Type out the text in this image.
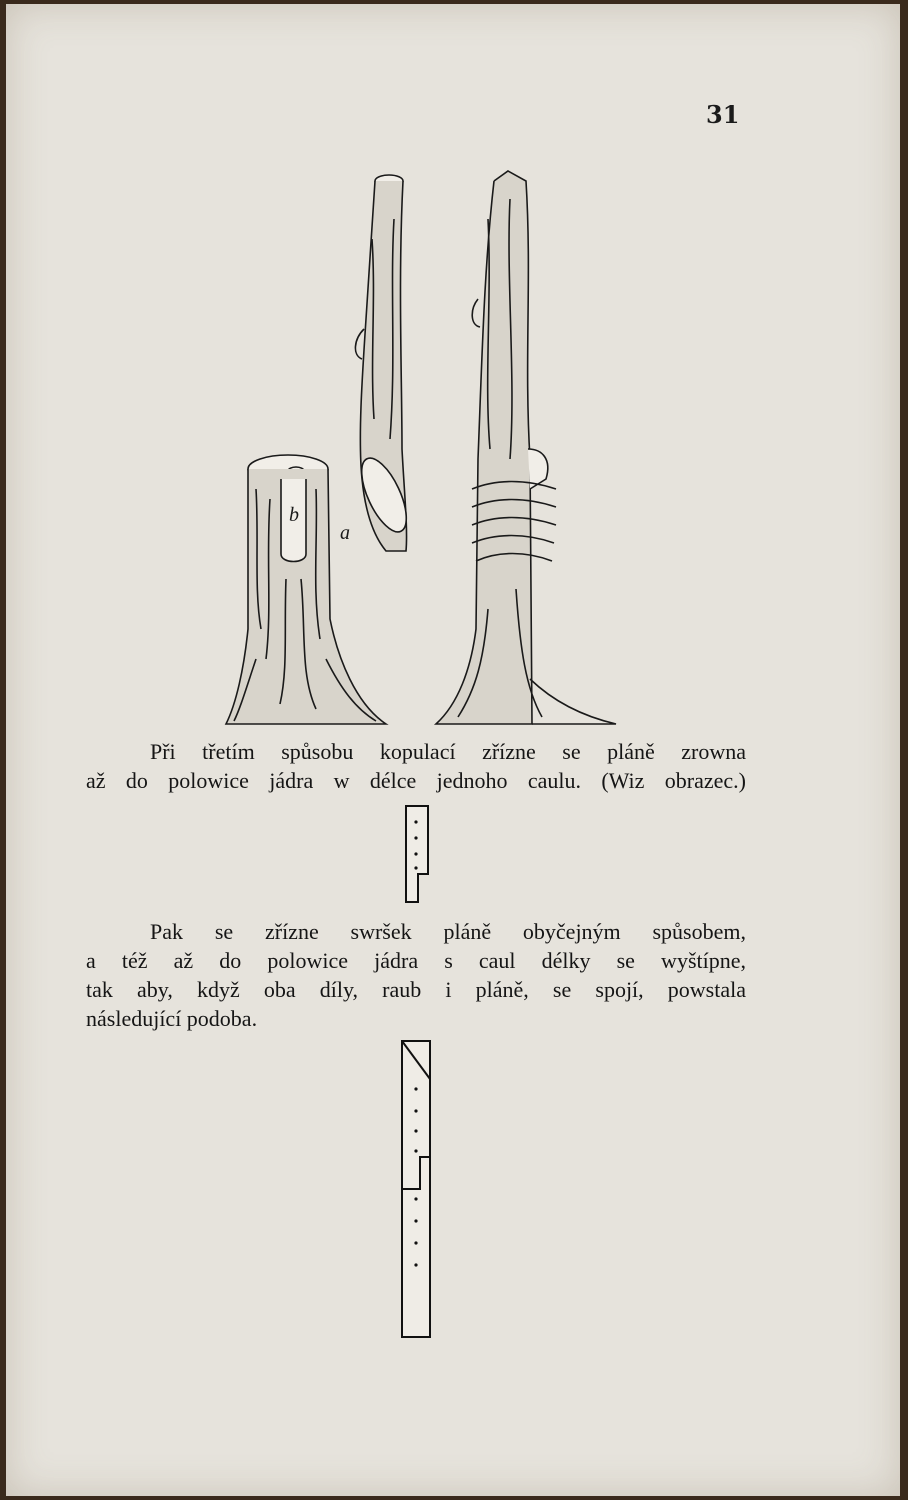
31
b
a
Při třetím spůsobu kopulací zřízne se pláně zrowna
až do polowice jádra w délce jednoho caulu. (Wiz obrazec.)
Pak se zřízne swršek pláně obyčejným spůsobem,
a též až do polowice jádra s caul délky se wyštípne,
tak aby, když oba díly, raub i pláně, se spojí, powstala
následující podoba.
